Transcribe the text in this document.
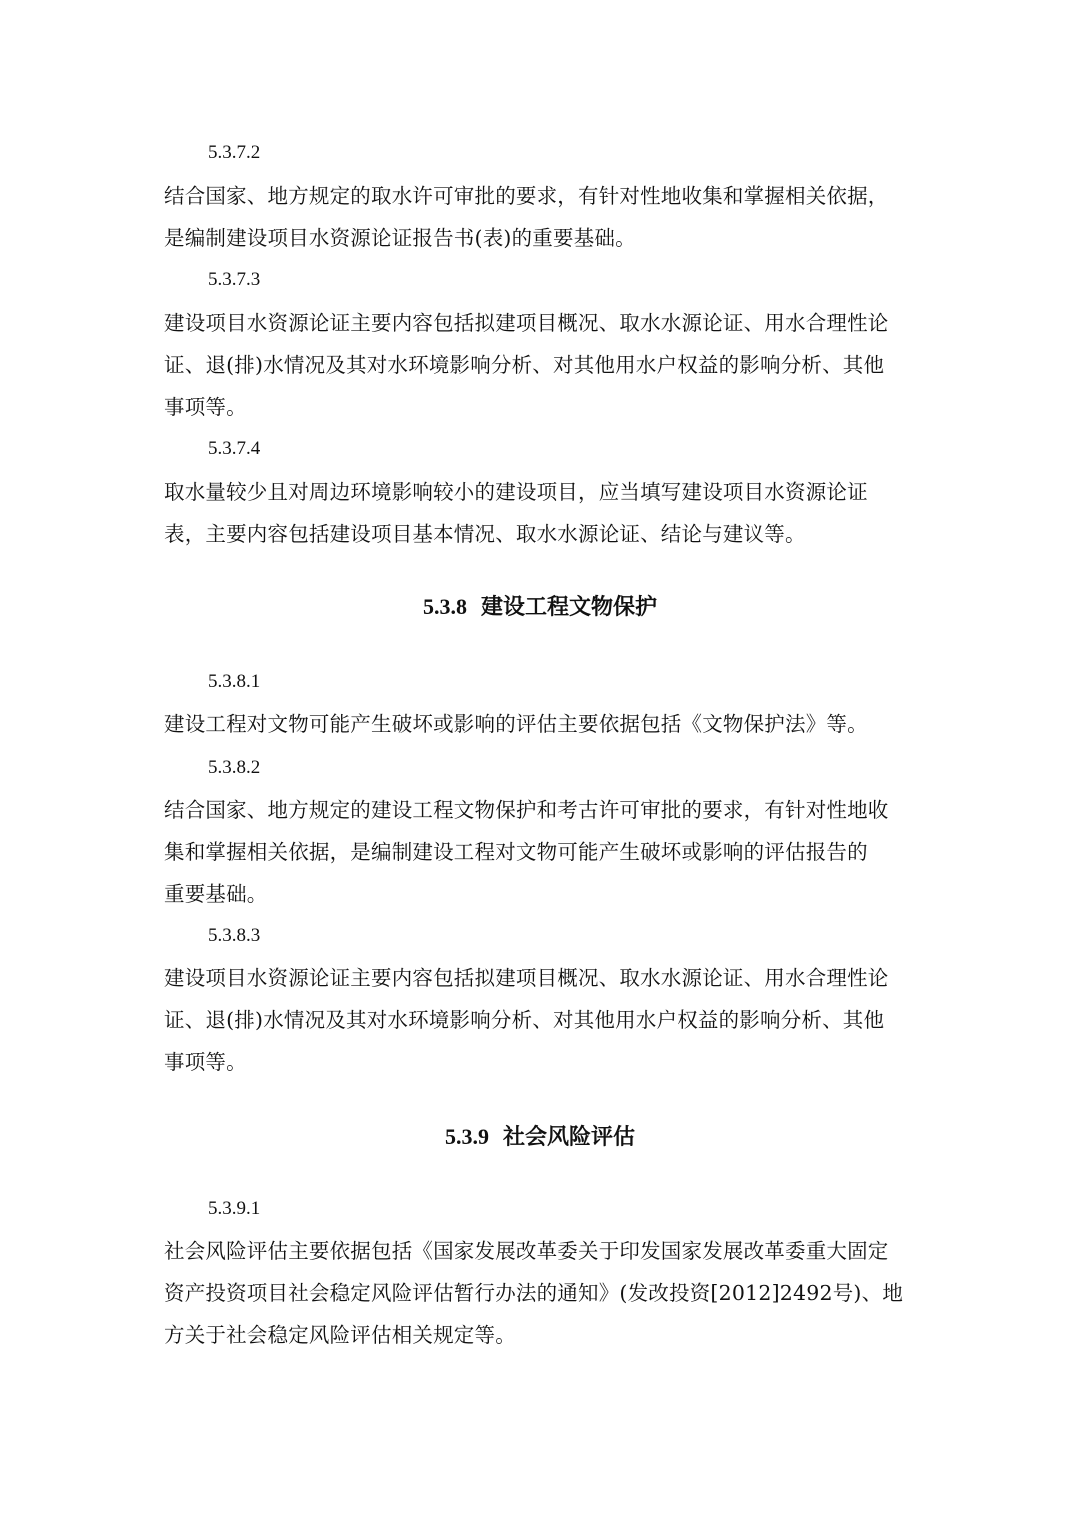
5.3.7.2
结合国家、地方规定的取水许可审批的要求，有针对性地收集和掌握相关依据，
是编制建设项目水资源论证报告书(表)的重要基础。
5.3.7.3
建设项目水资源论证主要内容包括拟建项目概况、取水水源论证、用水合理性论
证、退(排)水情况及其对水环境影响分析、对其他用水户权益的影响分析、其他
事项等。
5.3.7.4
取水量较少且对周边环境影响较小的建设项目，应当填写建设项目水资源论证
表，主要内容包括建设项目基本情况、取水水源论证、结论与建议等。
5.3.8 建设工程文物保护
5.3.8.1
建设工程对文物可能产生破坏或影响的评估主要依据包括《文物保护法》等。
5.3.8.2
结合国家、地方规定的建设工程文物保护和考古许可审批的要求，有针对性地收
集和掌握相关依据，是编制建设工程对文物可能产生破坏或影响的评估报告的
重要基础。
5.3.8.3
建设项目水资源论证主要内容包括拟建项目概况、取水水源论证、用水合理性论
证、退(排)水情况及其对水环境影响分析、对其他用水户权益的影响分析、其他
事项等。
5.3.9 社会风险评估
5.3.9.1
社会风险评估主要依据包括《国家发展改革委关于印发国家发展改革委重大固定
资产投资项目社会稳定风险评估暂行办法的通知》(发改投资[2012]2492号)、地
方关于社会稳定风险评估相关规定等。
